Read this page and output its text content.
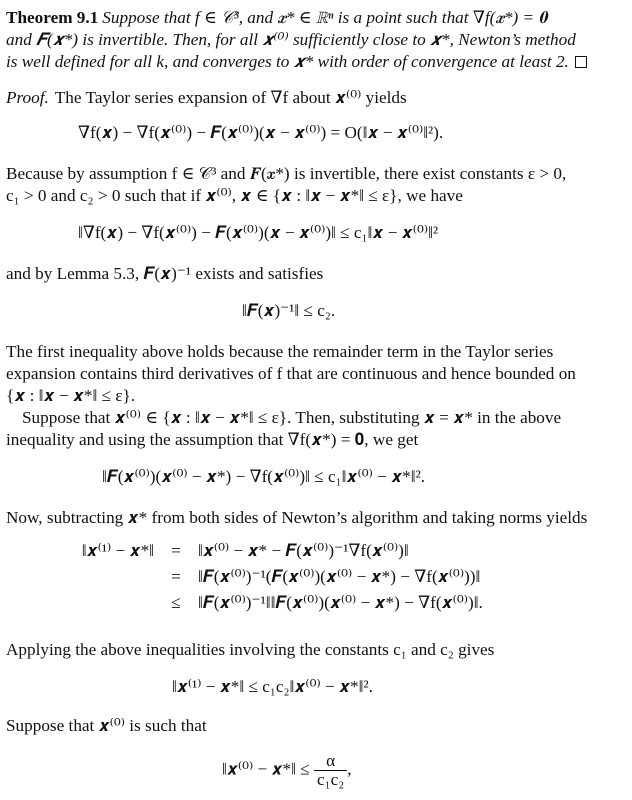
Theorem 9.1 Suppose that f ∈ 𝒞³, and 𝒙* ∈ ℝⁿ is a point such that ∇f(𝒙*) = 𝟎
and 𝑭(𝒙*) is invertible. Then, for all 𝒙⁽⁰⁾ sufficiently close to 𝒙*, Newton’s method
is well defined for all k, and converges to 𝒙* with order of convergence at least 2.
Proof. The Taylor series expansion of ∇f about 𝒙⁽⁰⁾ yields
∇f(𝒙) − ∇f(𝒙⁽⁰⁾) − 𝑭(𝒙⁽⁰⁾)(𝒙 − 𝒙⁽⁰⁾) = O(‖𝒙 − 𝒙⁽⁰⁾‖²).
Because by assumption f ∈ 𝒞³ and 𝑭(𝒙*) is invertible, there exist constants ε > 0,
c₁ > 0 and c₂ > 0 such that if 𝒙⁽⁰⁾, 𝒙 ∈ {𝒙 : ‖𝒙 − 𝒙*‖ ≤ ε}, we have
‖∇f(𝒙) − ∇f(𝒙⁽⁰⁾) − 𝑭(𝒙⁽⁰⁾)(𝒙 − 𝒙⁽⁰⁾)‖ ≤ c₁‖𝒙 − 𝒙⁽⁰⁾‖²
and by Lemma 5.3, 𝑭(𝒙)⁻¹ exists and satisfies
‖𝑭(𝒙)⁻¹‖ ≤ c₂.
The first inequality above holds because the remainder term in the Taylor series
expansion contains third derivatives of f that are continuous and hence bounded on
{𝒙 : ‖𝒙 − 𝒙*‖ ≤ ε}.
Suppose that 𝒙⁽⁰⁾ ∈ {𝒙 : ‖𝒙 − 𝒙*‖ ≤ ε}. Then, substituting 𝒙 = 𝒙* in the above
inequality and using the assumption that ∇f(𝒙*) = 𝟎, we get
‖𝑭(𝒙⁽⁰⁾)(𝒙⁽⁰⁾ − 𝒙*) − ∇f(𝒙⁽⁰⁾)‖ ≤ c₁‖𝒙⁽⁰⁾ − 𝒙*‖².
Now, subtracting 𝒙* from both sides of Newton’s algorithm and taking norms yields
‖𝒙⁽¹⁾ − 𝒙*‖	=	‖𝒙⁽⁰⁾ − 𝒙* − 𝑭(𝒙⁽⁰⁾)⁻¹∇f(𝒙⁽⁰⁾)‖
	=	‖𝑭(𝒙⁽⁰⁾)⁻¹(𝑭(𝒙⁽⁰⁾)(𝒙⁽⁰⁾ − 𝒙*) − ∇f(𝒙⁽⁰⁾))‖
	≤	‖𝑭(𝒙⁽⁰⁾)⁻¹‖‖𝑭(𝒙⁽⁰⁾)(𝒙⁽⁰⁾ − 𝒙*) − ∇f(𝒙⁽⁰⁾)‖.
Applying the above inequalities involving the constants c₁ and c₂ gives
‖𝒙⁽¹⁾ − 𝒙*‖ ≤ c₁c₂‖𝒙⁽⁰⁾ − 𝒙*‖².
Suppose that 𝒙⁽⁰⁾ is such that
‖𝒙⁽⁰⁾ − 𝒙*‖ ≤ $\frac{\alpha}{\text{c₁c₂}}$ ,
